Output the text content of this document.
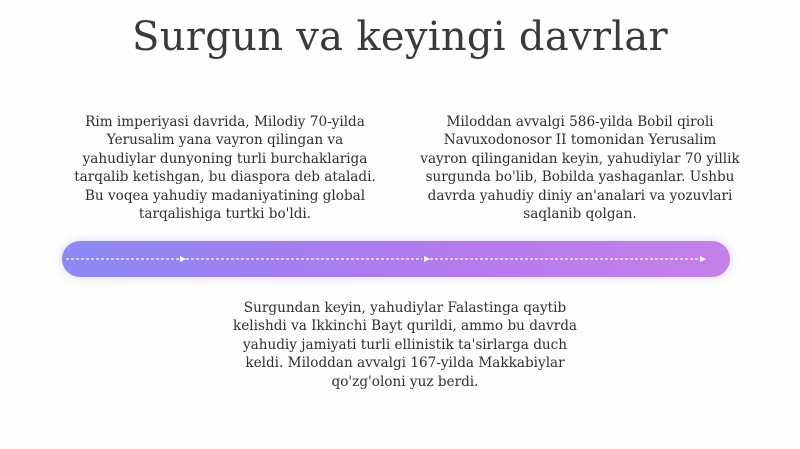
Surgun va keyingi davrlar
Rim imperiyasi davrida, Milodiy 70-yilda Yerusalim yana vayron qilingan va yahudiylar dunyoning turli burchaklariga tarqalib ketishgan, bu diaspora deb ataladi. Bu voqea yahudiy madaniyatining global tarqalishiga turtki bo'ldi.
Miloddan avvalgi 586-yilda Bobil qiroli Navuxodonosor II tomonidan Yerusalim vayron qilinganidan keyin, yahudiylar 70 yillik surgunda bo'lib, Bobilda yashaganlar. Ushbu davrda yahudiy diniy an'analari va yozuvlari saqlanib qolgan.
Surgundan keyin, yahudiylar Falastinga qaytib kelishdi va Ikkinchi Bayt qurildi, ammo bu davrda yahudiy jamiyati turli ellinistik ta'sirlarga duch keldi. Miloddan avvalgi 167-yilda Makkabiylar qo'zg'oloni yuz berdi.
